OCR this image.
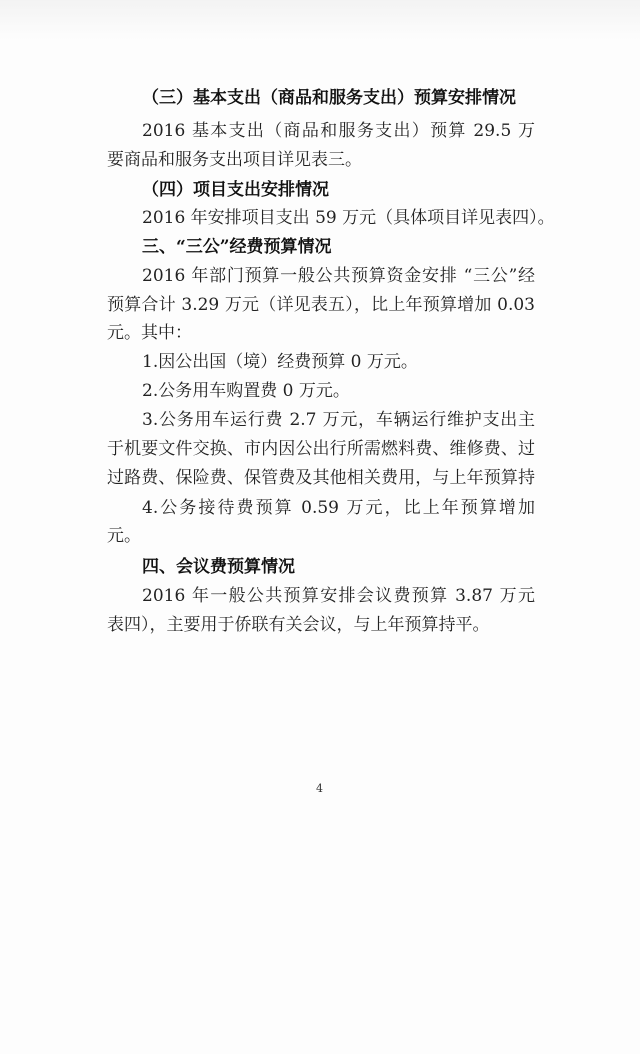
（三）基本支出（商品和服务支出）预算安排情况
2016 基本支出（商品和服务支出）预算 29.5 万
要商品和服务支出项目详见表三。
（四）项目支出安排情况
2016 年安排项目支出 59 万元（具体项目详见表四）。
三、“三公”经费预算情况
2016 年部门预算一般公共预算资金安排 “三公”经
预算合计 3.29 万元（详见表五），比上年预算增加 0.03
元。其中：
1.因公出国（境）经费预算 0 万元。
2.公务用车购置费 0 万元。
3.公务用车运行费 2.7 万元，车辆运行维护支出主
于机要文件交换、市内因公出行所需燃料费、维修费、过
过路费、保险费、保管费及其他相关费用，与上年预算持
4.公务接待费预算 0.59 万元，比上年预算增加
元。
四、会议费预算情况
2016 年一般公共预算安排会议费预算 3.87 万元
表四），主要用于侨联有关会议，与上年预算持平。
4
